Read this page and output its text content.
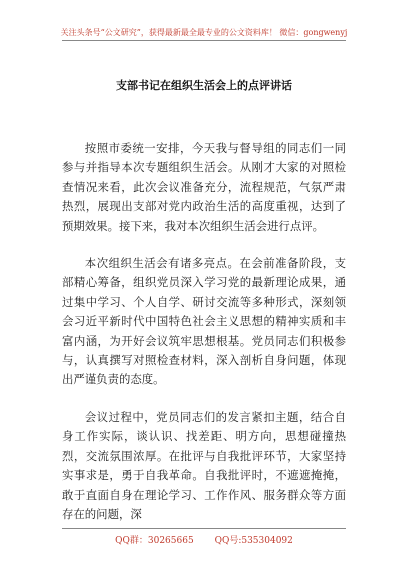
关注头条号“公文研究”，获得最新最全最专业的公文资料库！ 微信：gongwenyj
支部书记在组织生活会上的点评讲话

按照市委统一安排，今天我与督导组的同志们一同参与并指导本次专题组织生活会。从刚才大家的对照检查情况来看，此次会议准备充分，流程规范，气氛严肃热烈，展现出支部对党内政治生活的高度重视，达到了预期效果。接下来，我对本次组织生活会进行点评。

本次组织生活会有诸多亮点。在会前准备阶段，支部精心筹备，组织党员深入学习党的最新理论成果，通过集中学习、个人自学、研讨交流等多种形式，深刻领会习近平新时代中国特色社会主义思想的精神实质和丰富内涵，为开好会议筑牢思想根基。党员同志们积极参与，认真撰写对照检查材料，深入剖析自身问题，体现出严谨负责的态度。

会议过程中，党员同志们的发言紧扣主题，结合自身工作实际，谈认识、找差距、明方向，思想碰撞热烈，交流氛围浓厚。在批评与自我批评环节，大家坚持实事求是，勇于自我革命。自我批评时，不遮遮掩掩，敢于直面自身在理论学习、工作作风、服务群众等方面存在的问题，深

QQ群：30265665 QQ号:535304092
